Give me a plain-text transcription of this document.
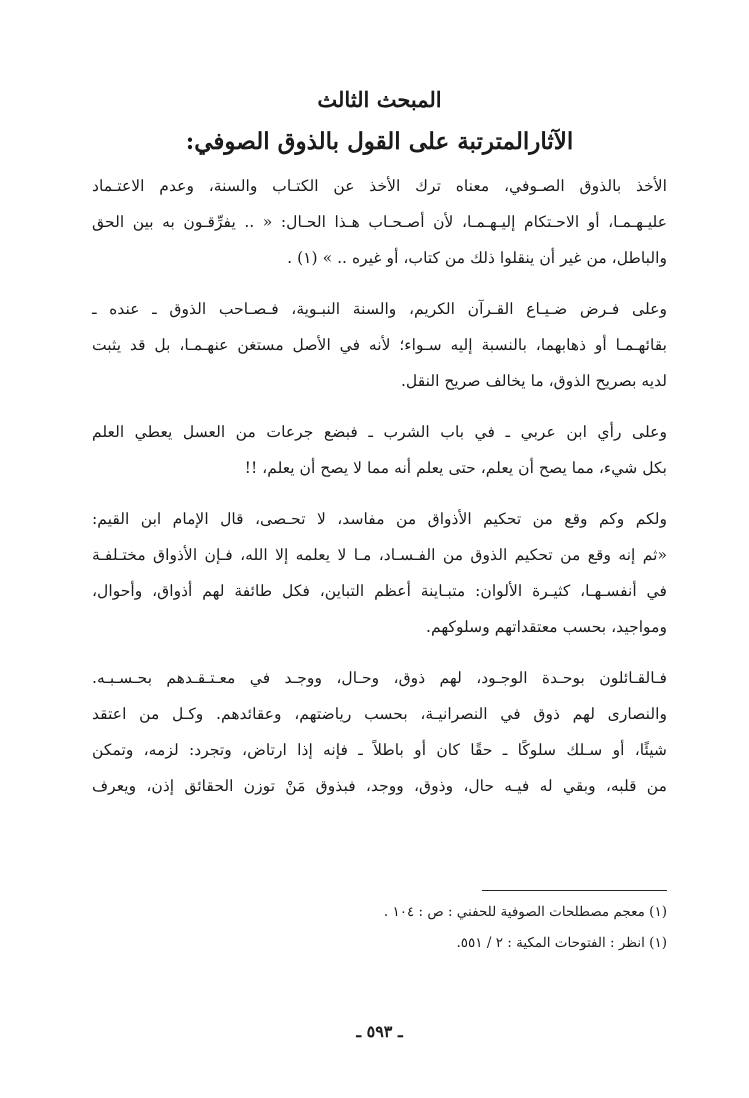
المبحث الثالث
الآثارالمترتبة على القول بالذوق الصوفي:

الأخذ بالذوق الصـوفي، معناه ترك الأخذ عن الكتـاب والسنة، وعدم الاعتـماد
عليـهـمـا، أو الاحـتكام إليـهـمـا، لأن أصـحـاب هـذا الحـال: « .. يفرِّقـون به بين الحق
والباطل، من غير أن ينقلوا ذلك من كتاب، أو غيره .. » (١) .

وعلى فـرض ضـيـاع القـرآن الكريم، والسنة النبـوية، فـصـاحب الذوق ـ عنده ـ
بقائهـمـا أو ذهابهما، بالنسبة إليه سـواء؛ لأنه في الأصل مستغن عنهـمـا، بل قد يثبت
لديه بصريح الذوق، ما يخالف صريح النقل.

وعلى رأي ابن عربي ـ في باب الشرب ـ فبضع جرعات من العسل يعطي العلم
بكل شيء، مما يصح أن يعلم، حتى يعلم أنه مما لا يصح أن يعلم، !!

ولكم وكم وقع من تحكيم الأذواق من مفاسد، لا تحـصى، قال الإمام ابن القيم:
«ثم إنه وقع من تحكيم الذوق من الفـسـاد، مـا لا يعلمه إلا الله، فـإن الأذواق مختـلفـة
في أنفسـهـا، كثيـرة الألوان: متبـاينة أعظم التباين، فكل طائفة لهم أذواق، وأحوال،
ومواجيد، بحسب معتقداتهم وسلوكهم.

فـالقـائلون بوحـدة الوجـود، لهم ذوق، وحـال، ووجـد في معـتـقـدهم بحـسـبـه.
والنصارى لهم ذوق في النصرانيـة، بحسب رياضتهم، وعقائدهم. وكـل من اعتقد
شيئًا، أو سـلك سلوكًا ـ حقًا كان أو باطلاً ـ فإنه إذا ارتاض، وتجرد: لزمه، وتمكن
من قلبه، وبقي له فيـه حال، وذوق، ووجد، فبذوق مَنْ توزن الحقائق إذن، ويعرف

(١) معجم مصطلحات الصوفية للحفني : ص : ١٠٤ .
(١) انظر : الفتوحات المكية : ٢ / ٥٥١.
ـ ٥٩٣ ـ
